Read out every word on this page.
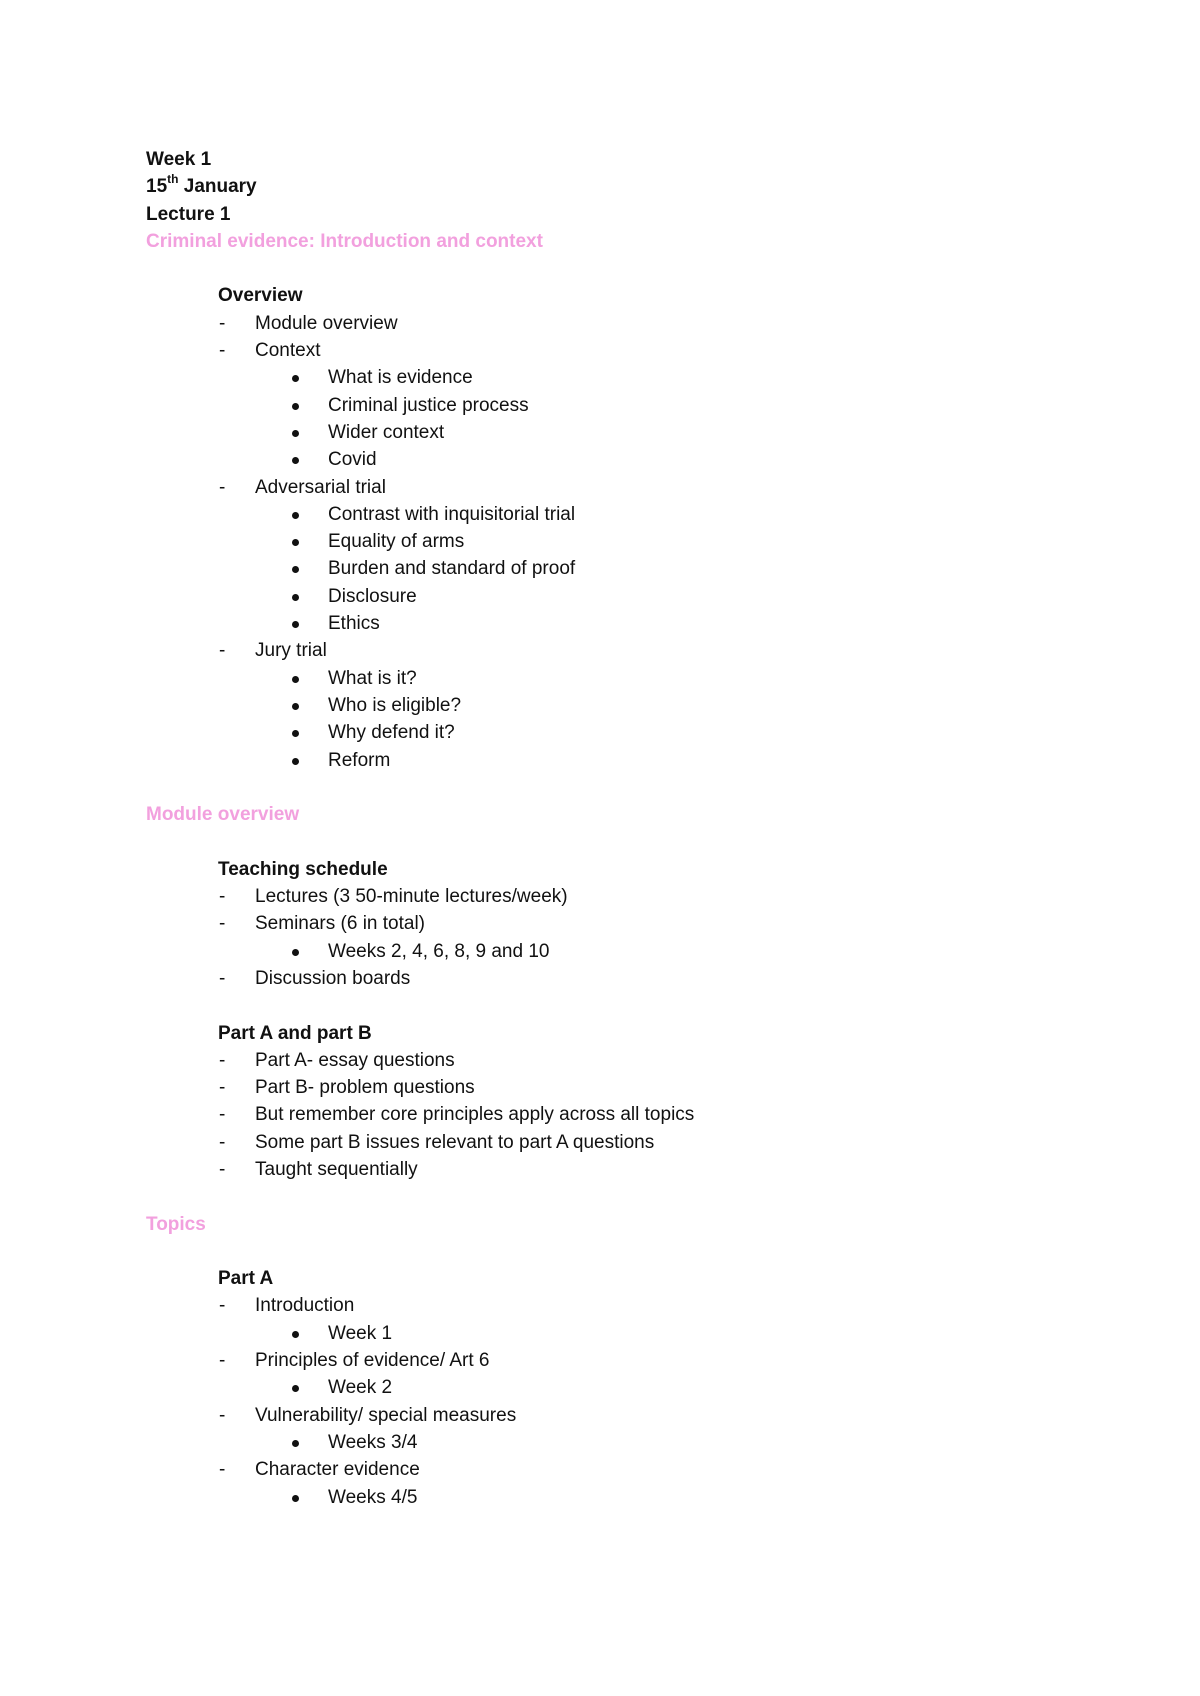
Week 1
15th January
Lecture 1
Criminal evidence: Introduction and context
Overview
-	Module overview
-	Context
What is evidence
Criminal justice process
Wider context
Covid
-	Adversarial trial
Contrast with inquisitorial trial
Equality of arms
Burden and standard of proof
Disclosure
Ethics
-	Jury trial
What is it?
Who is eligible?
Why defend it?
Reform
Module overview
Teaching schedule
-	Lectures (3 50-minute lectures/week)
-	Seminars (6 in total)
Weeks 2, 4, 6, 8, 9 and 10
-	Discussion boards
Part A and part B
-	Part A- essay questions
-	Part B- problem questions
-	But remember core principles apply across all topics
-	Some part B issues relevant to part A questions
-	Taught sequentially
Topics
Part A
-	Introduction
Week 1
-	Principles of evidence/ Art 6
Week 2
-	Vulnerability/ special measures
Weeks 3/4
-	Character evidence
Weeks 4/5
